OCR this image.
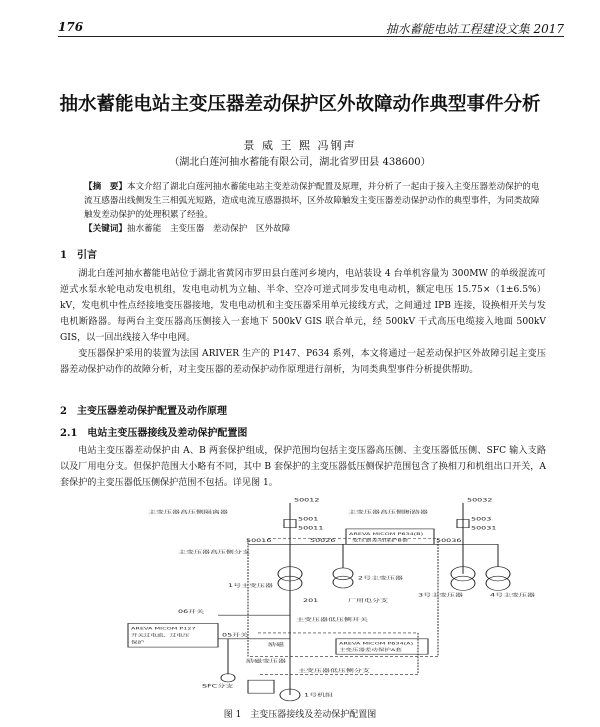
176	抽水蓄能电站工程建设文集 2017
抽水蓄能电站主变压器差动保护区外故障动作典型事件分析
景 威 王 熙 冯钢声
（湖北白莲河抽水蓄能有限公司，湖北省罗田县 438600）
【摘　要】本文介绍了湖北白莲河抽水蓄能电站主变差动保护配置及原理，并分析了一起由于接入主变压器差动保护的电流互感器出线侧发生三相弧光短路，造成电流互感器损坏，区外故障触发主变压器差动保护动作的典型事件，为同类故障触发差动保护的处理积累了经验。
【关键词】抽水蓄能　主变压器　差动保护　区外故障
1　引言
湖北白莲河抽水蓄能电站位于湖北省黄冈市罗田县白莲河乡境内，电站装设 4 台单机容量为 300MW 的单级混流可逆式水泵水轮电动发电机组，发电电动机为立轴、半伞、空冷可逆式同步发电电动机，额定电压 15.75×（1±6.5%）kV，发电机中性点经接地变压器接地，发电电动机和主变压器采用单元接线方式，之间通过 IPB 连接，设换相开关与发电机断路器。每两台主变压器高压侧接入一套地下 500kV GIS 联合单元，经 500kV 干式高压电缆接入地面 500kV GIS，以一回出线接入华中电网。
变压器保护采用的装置为法国 ARIVER 生产的 P147、P634 系列，本文将通过一起差动保护区外故障引起主变压器差动保护动作的故障分析，对主变压器的差动保护动作原理进行剖析，为同类典型事件分析提供帮助。
2　主变压器差动保护配置及动作原理
2.1　电站主变压器接线及差动保护配置图
电站主变压器差动保护由 A、B 两套保护组成，保护范围均包括主变压器高压侧、主变压器低压侧、SFC 输入支路以及厂用电分支。但保护范围大小略有不同，其中 B 套保护的主变压器低压侧保护范围包含了换相刀和机组出口开关，A 套保护的主变压器低压侧保护范围不包括。详见图 1。
50012	50032
主变压器高压侧隔离器	主变压器高压侧断路器
5001
50011
5003
50031
50016	50026	50036
主变压器高压侧分支
AREVA MICOM P634(B)
变压器差动保护B套
1号主变压器
2号主变压器
3号主变压器	4号主变压器
201	厂用电分支
06开关
主变压器低压侧开关
AREVA MICOM P127
开关过电流、过电压
保护
05开关
励磁
SFC分支
AREVA MICOM P634(A)
主变压器差动保护A套
励磁变压器
主变压器低压侧分支
1号机组
图 1　主变压器接线及差动保护配置图
